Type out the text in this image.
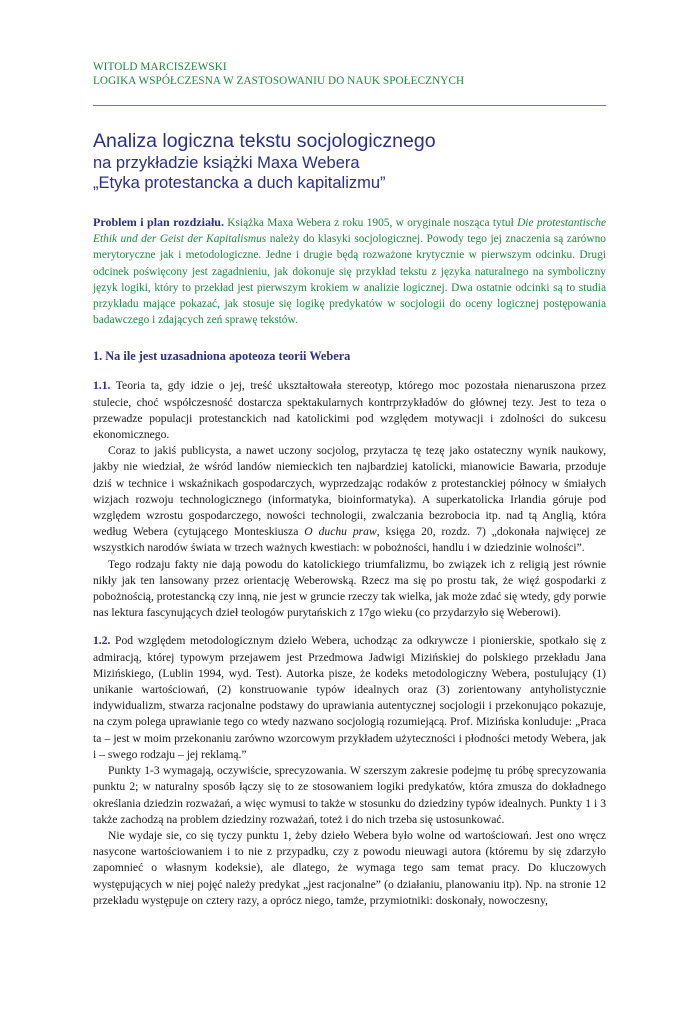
WITOLD MARCISZEWSKI
LOGIKA WSPÓŁCZESNA W ZASTOSOWANIU DO NAUK SPOŁECZNYCH
Analiza logiczna tekstu socjologicznego
na przykładzie książki Maxa Webera
„Etyka protestancka a duch kapitalizmu”
Problem i plan rozdziału. Książka Maxa Webera z roku 1905, w oryginale nosząca tytuł Die protestantische Ethik und der Geist der Kapitalismus należy do klasyki socjologicznej. Powody tego jej znaczenia są zarówno merytoryczne jak i metodologiczne. Jedne i drugie będą rozważone krytycznie w pierwszym odcinku. Drugi odcinek poświęcony jest zagadnieniu, jak dokonuje się przykład tekstu z języka naturalnego na symboliczny język logiki, który to przekład jest pierwszym krokiem w analizie logicznej. Dwa ostatnie odcinki są to studia przykładu mające pokazać, jak stosuje się logikę predykatów w socjologii do oceny logicznej postępowania badawczego i zdających zeń sprawę tekstów.
1. Na ile jest uzasadniona apoteoza teorii Webera

1.1. Teoria ta, gdy idzie o jej, treść ukształtowała stereotyp, którego moc pozostała nienaruszona przez stulecie, choć współczesność dostarcza spektakularnych kontrprzykładów do głównej tezy. Jest to teza o przewadze populacji protestanckich nad katolickimi pod względem motywacji i zdolności do sukcesu ekonomicznego.

Coraz to jakiś publicysta, a nawet uczony socjolog, przytacza tę tezę jako ostateczny wynik naukowy, jakby nie wiedział, że wśród landów niemieckich ten najbardziej katolicki, mianowicie Bawaria, przoduje dziś w technice i wskaźnikach gospodarczych, wyprzedzając rodaków z protestanckiej północy w śmiałych wizjach rozwoju technologicznego (informatyka, bioinformatyka). A superkatolicka Irlandia góruje pod względem wzrostu gospodarczego, nowości technologii, zwalczania bezrobocia itp. nad tą Anglią, która według Webera (cytującego Monteskiusza O duchu praw, księga 20, rozdz. 7) „dokonała najwięcej ze wszystkich narodów świata w trzech ważnych kwestiach: w pobożności, handlu i w dziedzinie wolności”.

Tego rodzaju fakty nie dają powodu do katolickiego triumfalizmu, bo związek ich z religią jest równie nikły jak ten lansowany przez orientację Weberowską. Rzecz ma się po prostu tak, że więź gospodarki z pobożnością, protestancką czy inną, nie jest w gruncie rzeczy tak wielka, jak może zdać się wtedy, gdy porwie nas lektura fascynujących dzieł teologów purytańskich z 17go wieku (co przydarzyło się Weberowi).

1.2. Pod względem metodologicznym dzieło Webera, uchodząc za odkrywcze i pionierskie, spotkało się z admiracją, której typowym przejawem jest Przedmowa Jadwigi Mizińskiej do polskiego przekładu Jana Mizińskiego, (Lublin 1994, wyd. Test). Autorka pisze, że kodeks metodologiczny Webera, postulujący (1) unikanie wartościowań, (2) konstruowanie typów idealnych oraz (3) zorientowany antyholistycznie indywidualizm, stwarza racjonalne podstawy do uprawiania autentycznej socjologii i przekonująco pokazuje, na czym polega uprawianie tego co wtedy nazwano socjologią rozumiejącą. Prof. Mizińska konluduje: „Praca ta – jest w moim przekonaniu zarówno wzorcowym przykładem użyteczności i płodności metody Webera, jak i – swego rodzaju – jej reklamą.”

Punkty 1-3 wymagają, oczywiście, sprecyzowania. W szerszym zakresie podejmę tu próbę sprecyzowania punktu 2; w naturalny sposób łączy się to ze stosowaniem logiki predykatów, która zmusza do dokładnego określania dziedzin rozważań, a więc wymusi to także w stosunku do dziedziny typów idealnych. Punkty 1 i 3 także zachodzą na problem dziedziny rozważań, toteż i do nich trzeba się ustosunkować.

Nie wydaje sie, co się tyczy punktu 1, żeby dzieło Webera było wolne od wartościowań. Jest ono wręcz nasycone wartościowaniem i to nie z przypadku, czy z powodu nieuwagi autora (któremu by się zdarzyło zapomnieć o własnym kodeksie), ale dlatego, że wymaga tego sam temat pracy. Do kluczowych występujących w niej pojęć należy predykat „jest racjonalne” (o działaniu, planowaniu itp). Np. na stronie 12 przekładu występuje on cztery razy, a oprócz niego, tamże, przymiotniki: doskonały, nowoczesny,
